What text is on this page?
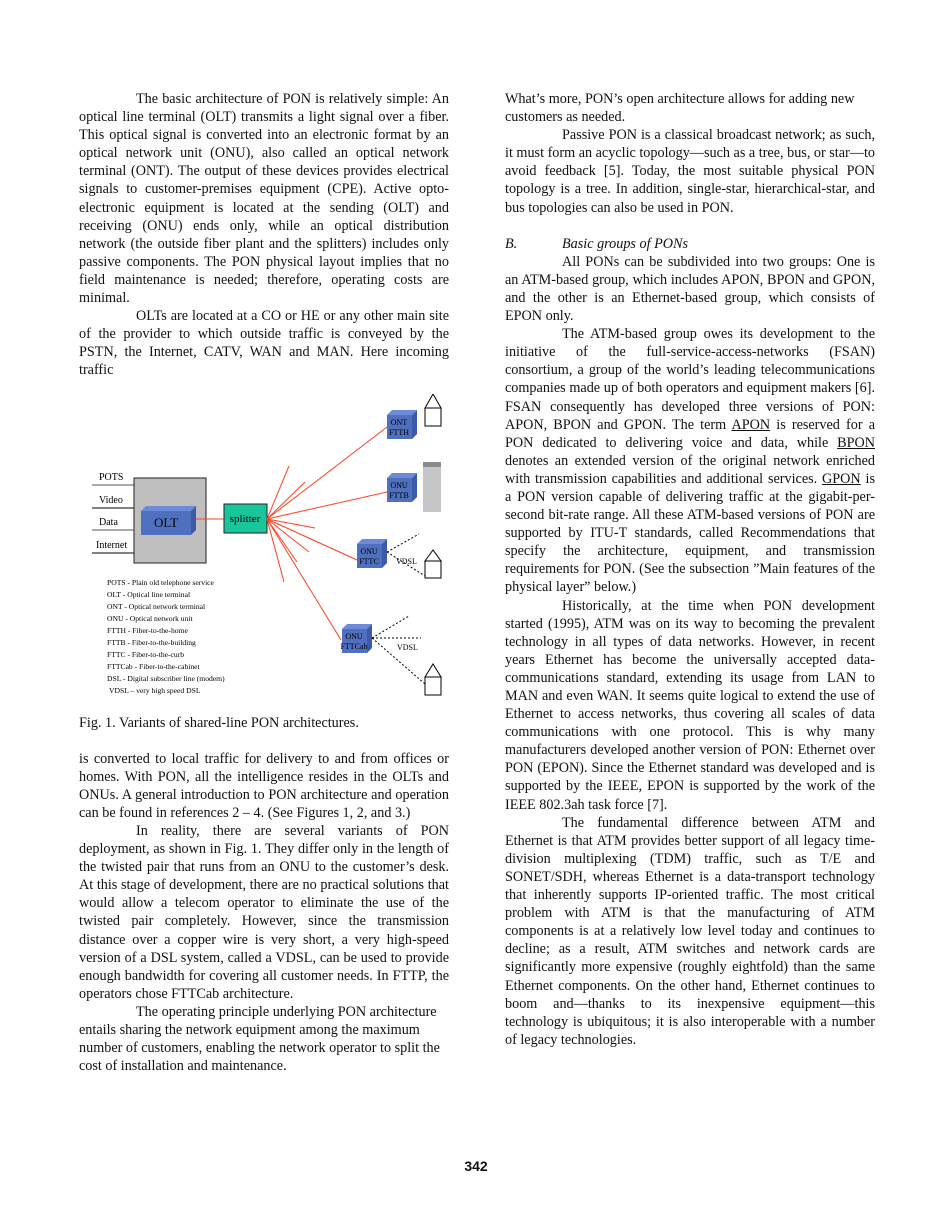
The basic architecture of PON is relatively simple: An optical line terminal (OLT) transmits a light signal over a fiber. This optical signal is converted into an electronic format by an optical network unit (ONU), also called an optical network terminal (ONT). The output of these devices provides electrical signals to customer-premises equipment (CPE). Active opto-electronic equipment is located at the sending (OLT) and receiving (ONU) ends only, while an optical distribution network (the outside fiber plant and the splitters) includes only passive components. The PON physical layout implies that no field maintenance is needed; therefore, operating costs are minimal.

OLTs are located at a CO or HE or any other main site of the provider to which outside traffic is conveyed by the PSTN, the Internet, CATV, WAN and MAN. Here incoming traffic

POTS
Video
Data
Internet
OLT	splitter
ONT
FTTH
ONU
FTTB
ONU
FTTC VDSL
ONU
FTTCab	VDSL
POTS - Plain old telephone service
OLT - Optical line terminal
ONT - Optical network terminal
ONU - Optical network unit
FTTH - Fiber-to-the-home
FTTB - Fiber-to-the-building
FTTC - Fiber-to-the-curb
FTTCab - Fiber-to-the-cabinet
DSL - Digital subscriber line (modem)
VDSL – very high speed DSL

Fig. 1. Variants of shared-line PON architectures.

is converted to local traffic for delivery to and from offices or homes. With PON, all the intelligence resides in the OLTs and ONUs. A general introduction to PON architecture and operation can be found in references 2 – 4. (See Figures 1, 2, and 3.)

In reality, there are several variants of PON deployment, as shown in Fig. 1. They differ only in the length of the twisted pair that runs from an ONU to the customer’s desk. At this stage of development, there are no practical solutions that would allow a telecom operator to eliminate the use of the twisted pair completely. However, since the transmission distance over a copper wire is very short, a very high-speed version of a DSL system, called a VDSL, can be used to provide enough bandwidth for covering all customer needs. In FTTP, the operators chose FTTCab architecture.

The operating principle underlying PON architecture entails sharing the network equipment among the maximum number of customers, enabling the network operator to split the cost of installation and maintenance.

What’s more, PON’s open architecture allows for adding new customers as needed.

Passive PON is a classical broadcast network; as such, it must form an acyclic topology—such as a tree, bus, or star—to avoid feedback [5]. Today, the most suitable physical PON topology is a tree. In addition, single-star, hierarchical-star, and bus topologies can also be used in PON.

B.	Basic groups of PONs

All PONs can be subdivided into two groups: One is an ATM-based group, which includes APON, BPON and GPON, and the other is an Ethernet-based group, which consists of EPON only.

The ATM-based group owes its development to the initiative of the full-service-access-networks (FSAN) consortium, a group of the world’s leading telecommunications companies made up of both operators and equipment makers [6]. FSAN consequently has developed three versions of PON: APON, BPON and GPON. The term APON is reserved for a PON dedicated to delivering voice and data, while BPON denotes an extended version of the original network enriched with transmission capabilities and additional services. GPON is a PON version capable of delivering traffic at the gigabit-per-second bit-rate range. All these ATM-based versions of PON are supported by ITU-T standards, called Recommendations that specify the architecture, equipment, and transmission requirements for PON. (See the subsection ”Main features of the physical layer” below.)

Historically, at the time when PON development started (1995), ATM was on its way to becoming the prevalent technology in all types of data networks. However, in recent years Ethernet has become the universally accepted data-communications standard, extending its usage from LAN to MAN and even WAN. It seems quite logical to extend the use of Ethernet to access networks, thus covering all scales of data communications with one protocol. This is why many manufacturers developed another version of PON: Ethernet over PON (EPON). Since the Ethernet standard was developed and is supported by the IEEE, EPON is supported by the work of the IEEE 802.3ah task force [7].

The fundamental difference between ATM and Ethernet is that ATM provides better support of all legacy time-division multiplexing (TDM) traffic, such as T/E and SONET/SDH, whereas Ethernet is a data-transport technology that inherently supports IP-oriented traffic. The most critical problem with ATM is that the manufacturing of ATM components is at a relatively low level today and continues to decline; as a result, ATM switches and network cards are significantly more expensive (roughly eightfold) than the same Ethernet components. On the other hand, Ethernet continues to boom and—thanks to its inexpensive equipment—this technology is ubiquitous; it is also interoperable with a number of legacy technologies.

342
